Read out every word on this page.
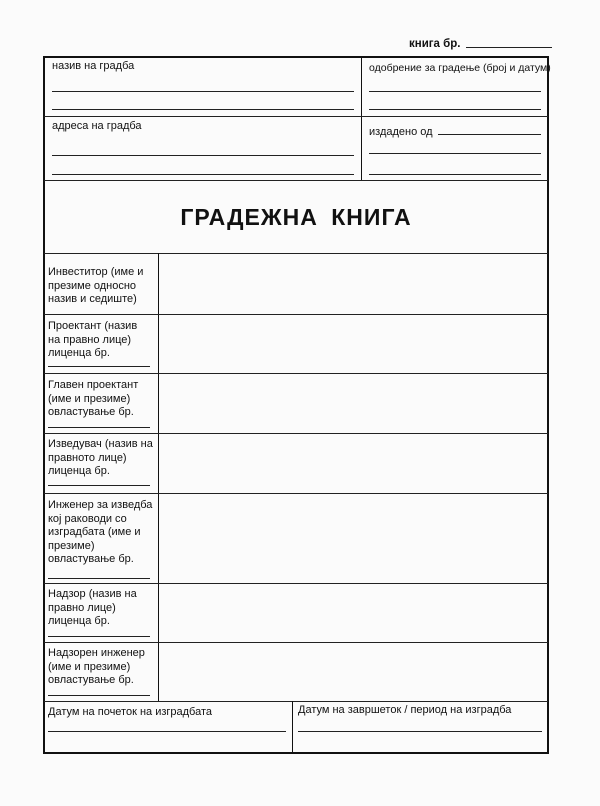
книга бр.
назив на градба	одобрение за градење (број и датум)
адреса на градба	издадено од
ГРАДЕЖНА КНИГА
Инвеститор (име и презиме односно назив и седиште)
Проектант (назив на правно лице) лиценца бр.
Главен проектант (име и презиме) овластување бр.
Изведувач (назив на правното лице) лиценца бр.
Инженер за изведба кој раководи со изградбата (име и презиме) овластување бр.
Надзор (назив на правно лице) лиценца бр.
Надзорен инженер (име и презиме) овластување бр.
Датум на почеток на изградбата	Датум на завршеток / период на изградба
